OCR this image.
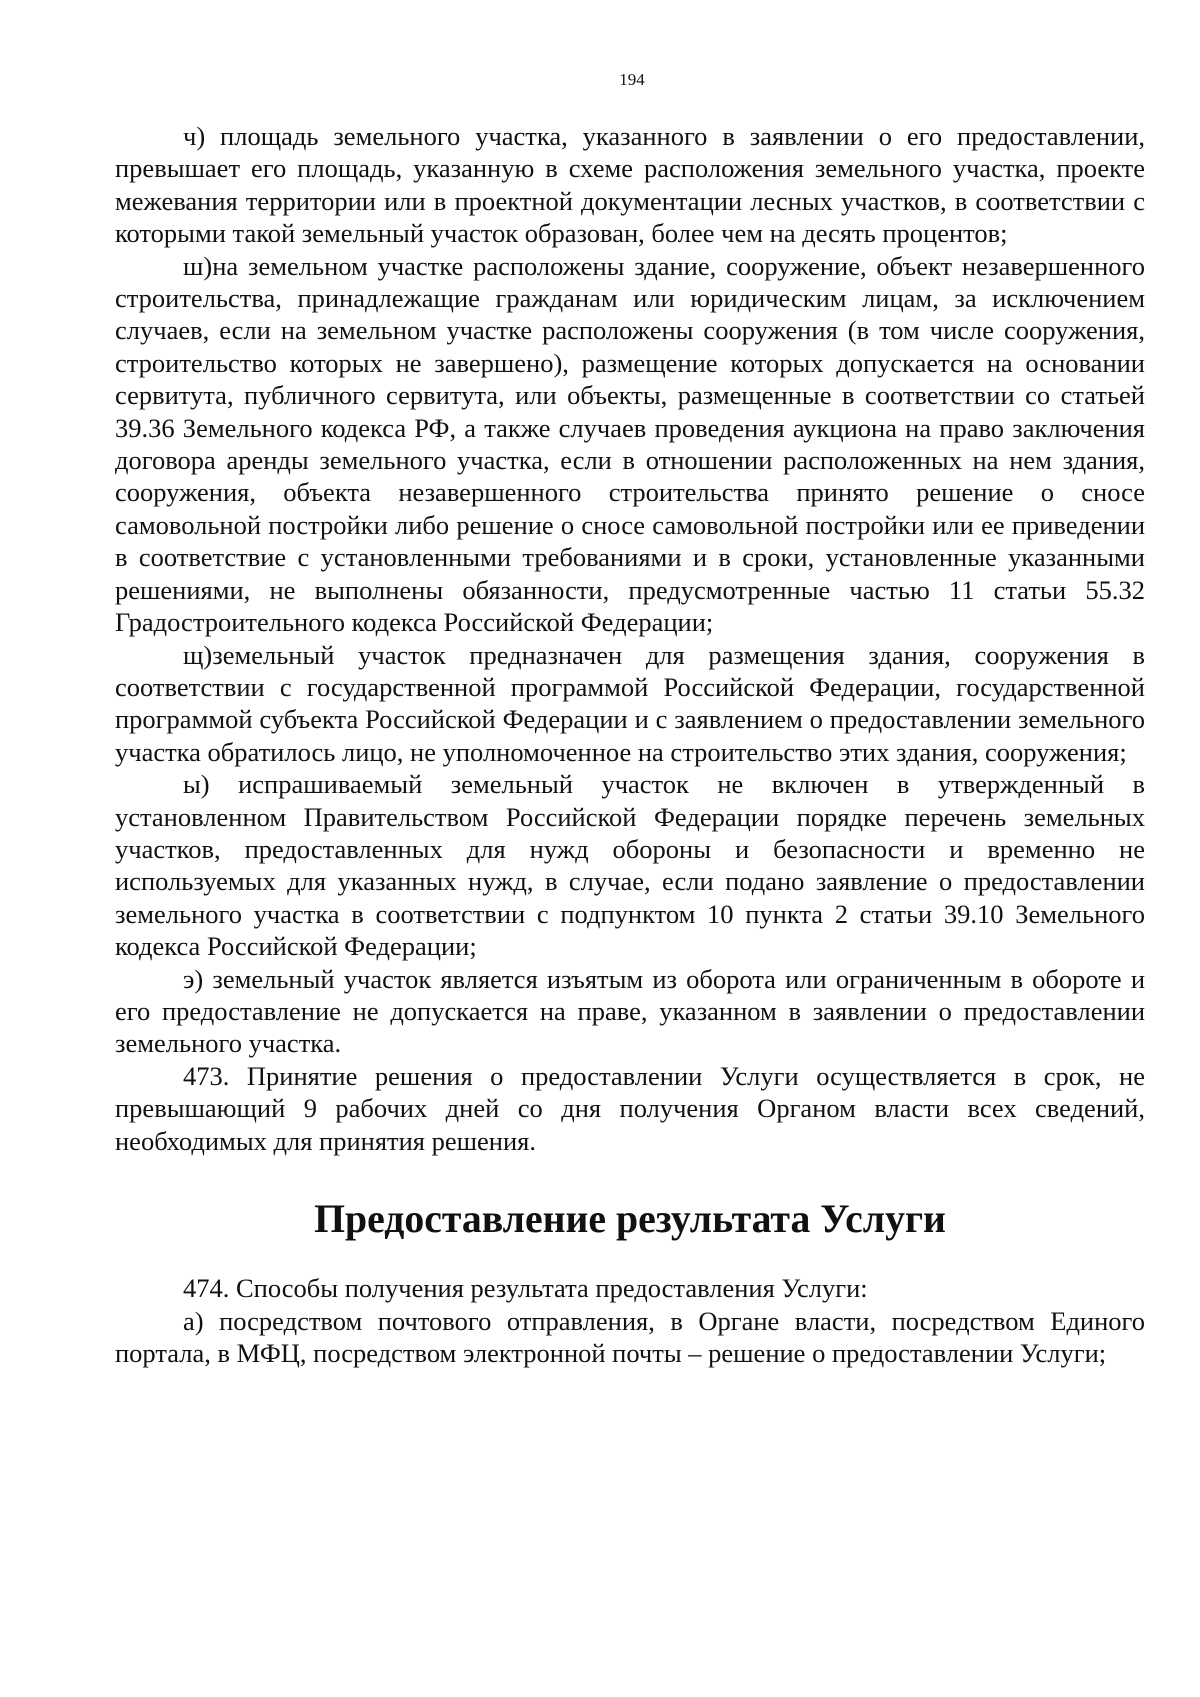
194

ч) площадь земельного участка, указанного в заявлении о его предоставлении, превышает его площадь, указанную в схеме расположения земельного участка, проекте межевания территории или в проектной документации лесных участков, в соответствии с которыми такой земельный участок образован, более чем на десять процентов;

ш)на земельном участке расположены здание, сооружение, объект незавершенного строительства, принадлежащие гражданам или юридическим лицам, за исключением случаев, если на земельном участке расположены сооружения (в том числе сооружения, строительство которых не завершено), размещение которых допускается на основании сервитута, публичного сервитута, или объекты, размещенные в соответствии со статьей 39.36 Земельного кодекса РФ, а также случаев проведения аукциона на право заключения договора аренды земельного участка, если в отношении расположенных на нем здания, сооружения, объекта незавершенного строительства принято решение о сносе самовольной постройки либо решение о сносе самовольной постройки или ее приведении в соответствие с установленными требованиями и в сроки, установленные указанными решениями, не выполнены обязанности, предусмотренные частью 11 статьи 55.32 Градостроительного кодекса Российской Федерации;

щ)земельный участок предназначен для размещения здания, сооружения в соответствии с государственной программой Российской Федерации, государственной программой субъекта Российской Федерации и с заявлением о предоставлении земельного участка обратилось лицо, не уполномоченное на строительство этих здания, сооружения;

ы) испрашиваемый земельный участок не включен в утвержденный в установленном Правительством Российской Федерации порядке перечень земельных участков, предоставленных для нужд обороны и безопасности и временно не используемых для указанных нужд, в случае, если подано заявление о предоставлении земельного участка в соответствии с подпунктом 10 пункта 2 статьи 39.10 Земельного кодекса Российской Федерации;

э) земельный участок является изъятым из оборота или ограниченным в обороте и его предоставление не допускается на праве, указанном в заявлении о предоставлении земельного участка.

473. Принятие решения о предоставлении Услуги осуществляется в срок, не превышающий 9 рабочих дней со дня получения Органом власти всех сведений, необходимых для принятия решения.

Предоставление результата Услуги

474. Способы получения результата предоставления Услуги:

а) посредством почтового отправления, в Органе власти, посредством Единого портала, в МФЦ, посредством электронной почты – решение о предоставлении Услуги;
